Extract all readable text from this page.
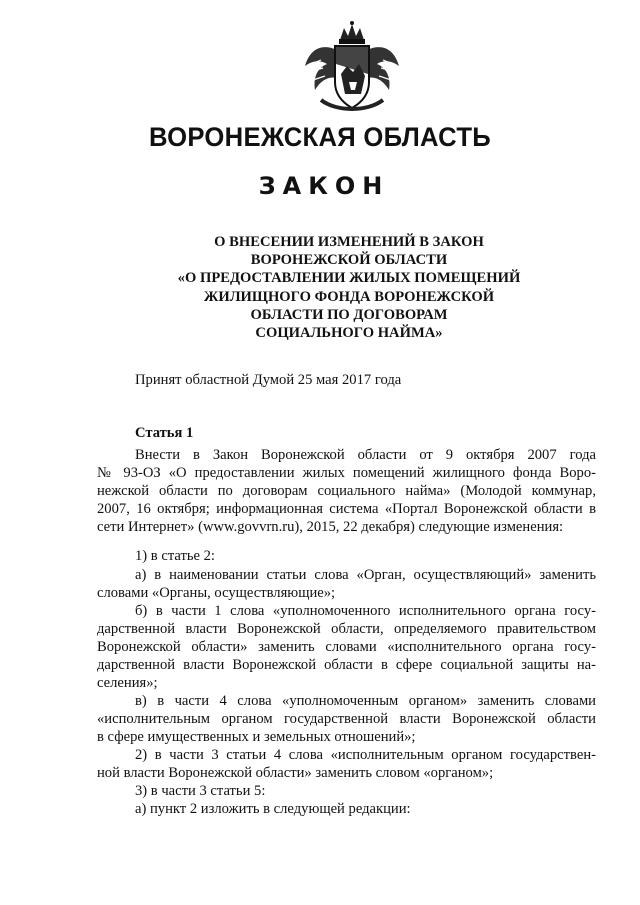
ВОРОНЕЖСКАЯ ОБЛАСТЬ
ЗАКОН
О ВНЕСЕНИИ ИЗМЕНЕНИЙ В ЗАКОН
ВОРОНЕЖСКОЙ ОБЛАСТИ
«О ПРЕДОСТАВЛЕНИИ ЖИЛЫХ ПОМЕЩЕНИЙ
ЖИЛИЩНОГО ФОНДА ВОРОНЕЖСКОЙ
ОБЛАСТИ ПО ДОГОВОРАМ
СОЦИАЛЬНОГО НАЙМА»
Принят областной Думой 25 мая 2017 года
Статья 1
Внести в Закон Воронежской области от 9 октября 2007 года
№ 93-ОЗ «О предоставлении жилых помещений жилищного фонда Воро-
нежской области по договорам социального найма» (Молодой коммунар,
2007, 16 октября; информационная система «Портал Воронежской области в
сети Интернет» (www.govvrn.ru), 2015, 22 декабря) следующие изменения:
1) в статье 2:
а) в наименовании статьи слова «Орган, осуществляющий» заменить
словами «Органы, осуществляющие»;
б) в части 1 слова «уполномоченного исполнительного органа госу-
дарственной власти Воронежской области, определяемого правительством
Воронежской области» заменить словами «исполнительного органа госу-
дарственной власти Воронежской области в сфере социальной защиты на-
селения»;
в) в части 4 слова «уполномоченным органом» заменить словами
«исполнительным органом государственной власти Воронежской области
в сфере имущественных и земельных отношений»;
2) в части 3 статьи 4 слова «исполнительным органом государствен-
ной власти Воронежской области» заменить словом «органом»;
3) в части 3 статьи 5:
а) пункт 2 изложить в следующей редакции:
